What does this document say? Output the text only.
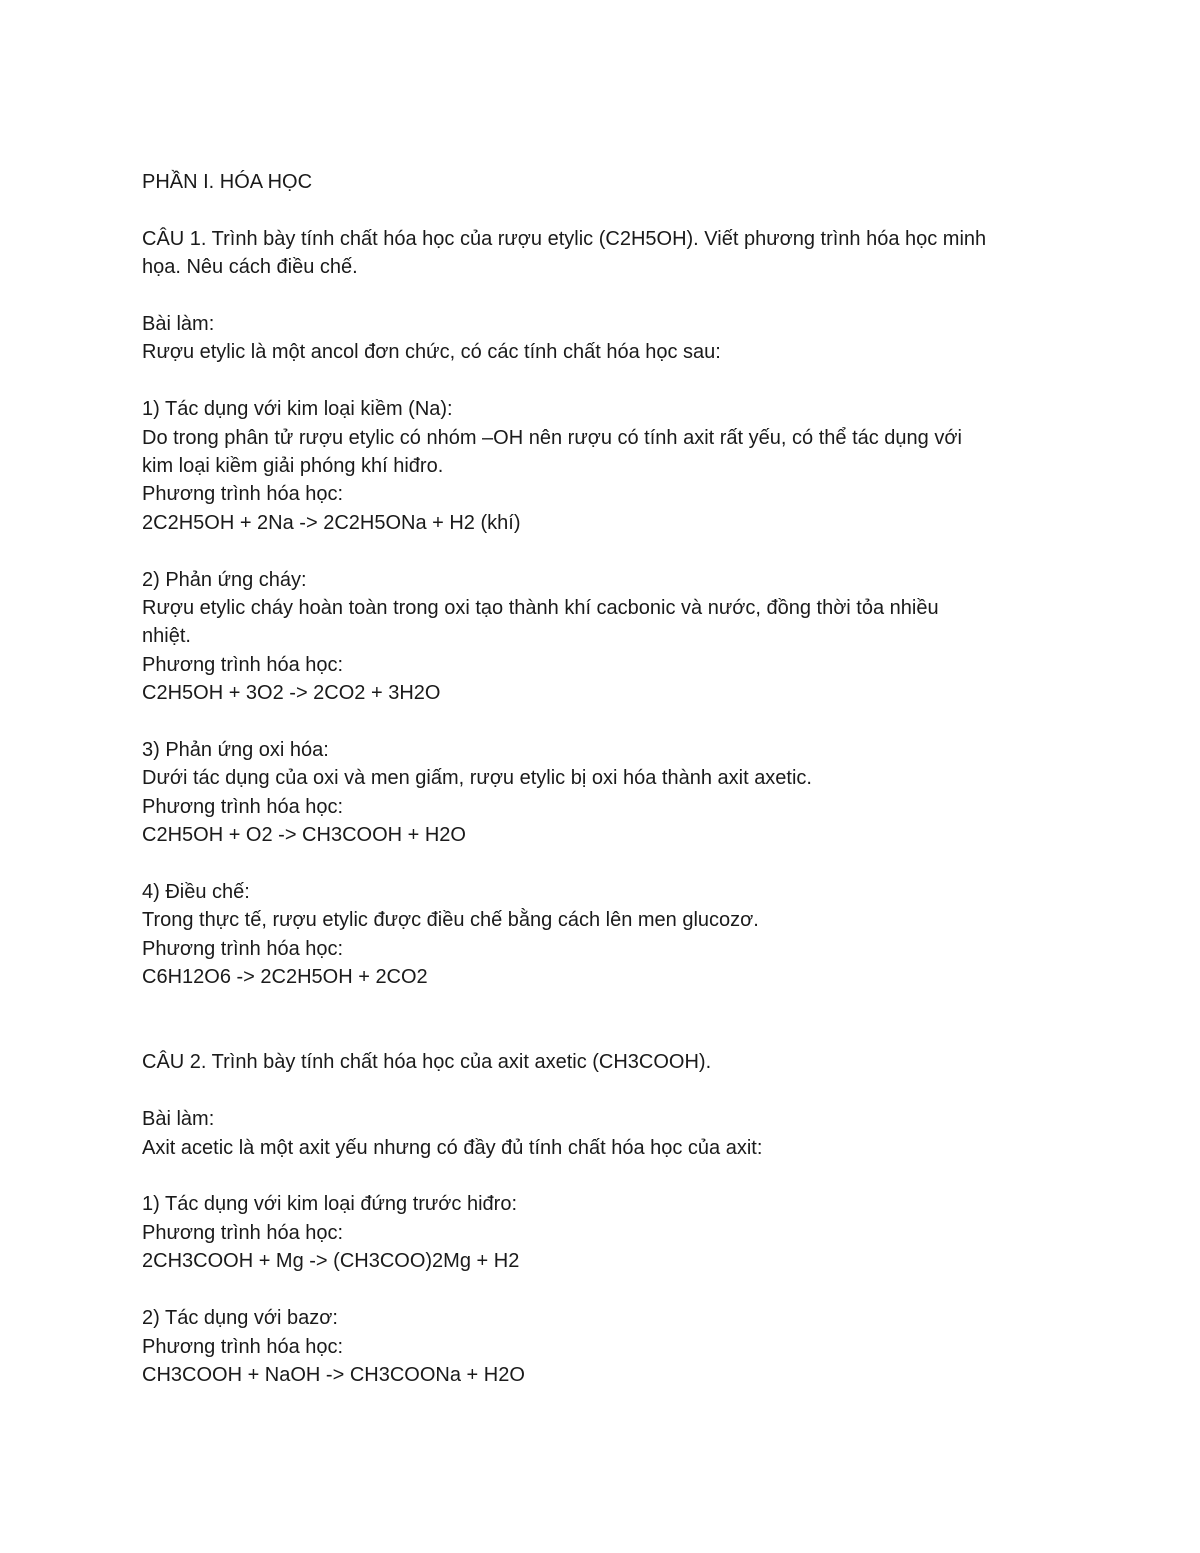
PHẦN I. HÓA HỌC

CÂU 1. Trình bày tính chất hóa học của rượu etylic (C2H5OH). Viết phương trình hóa học minh

họa. Nêu cách điều chế.

Bài làm:

Rượu etylic là một ancol đơn chức, có các tính chất hóa học sau:

1) Tác dụng với kim loại kiềm (Na):

Do trong phân tử rượu etylic có nhóm –OH nên rượu có tính axit rất yếu, có thể tác dụng với

kim loại kiềm giải phóng khí hiđro.

Phương trình hóa học:

2C2H5OH + 2Na -> 2C2H5ONa + H2 (khí)

2) Phản ứng cháy:

Rượu etylic cháy hoàn toàn trong oxi tạo thành khí cacbonic và nước, đồng thời tỏa nhiều

nhiệt.

Phương trình hóa học:

C2H5OH + 3O2 -> 2CO2 + 3H2O

3) Phản ứng oxi hóa:

Dưới tác dụng của oxi và men giấm, rượu etylic bị oxi hóa thành axit axetic.

Phương trình hóa học:

C2H5OH + O2 -> CH3COOH + H2O

4) Điều chế:

Trong thực tế, rượu etylic được điều chế bằng cách lên men glucozơ.

Phương trình hóa học:

C6H12O6 -> 2C2H5OH + 2CO2

CÂU 2. Trình bày tính chất hóa học của axit axetic (CH3COOH).

Bài làm:

Axit acetic là một axit yếu nhưng có đầy đủ tính chất hóa học của axit:

1) Tác dụng với kim loại đứng trước hiđro:

Phương trình hóa học:

2CH3COOH + Mg -> (CH3COO)2Mg + H2

2) Tác dụng với bazơ:

Phương trình hóa học:

CH3COOH + NaOH -> CH3COONa + H2O
